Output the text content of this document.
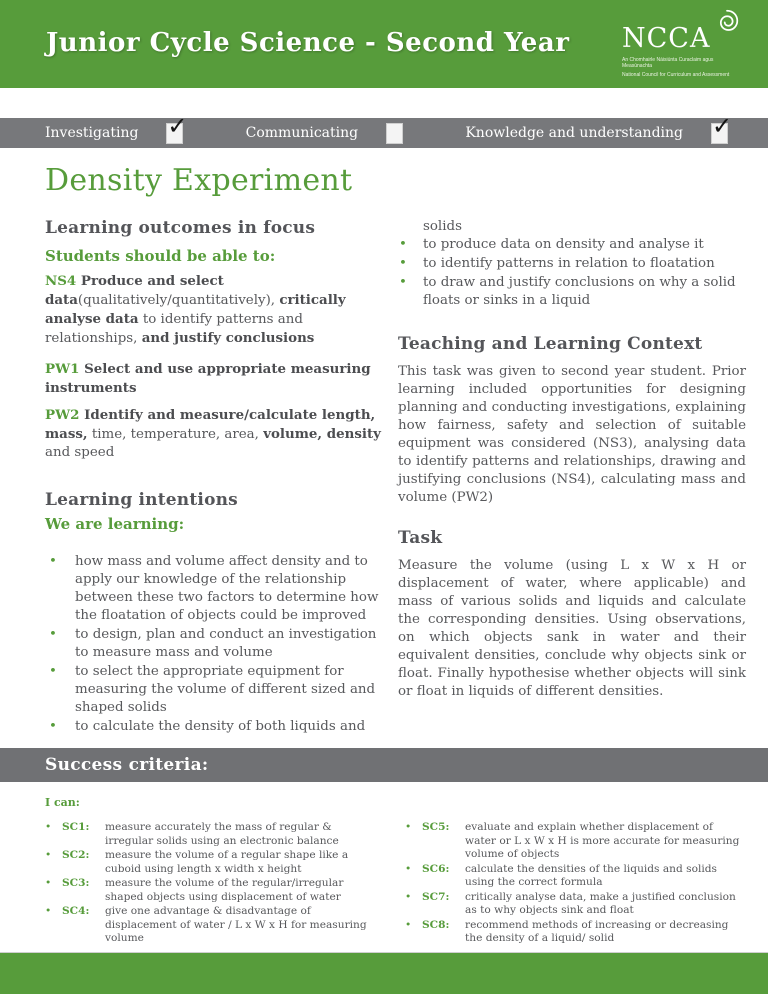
Junior Cycle Science - Second Year NCCA
An Chomhairle Náisiúnta Curaclaim agus Measúnachta
National Council for Curriculum and Assessment
Investigating ✓	Communicating	Knowledge and understanding ✓
Density Experiment
Learning outcomes in focus
Students should be able to:

NS4 Produce and select data(qualitatively/quantitatively), critically analyse data to identify patterns and relationships, and justify conclusions

PW1 Select and use appropriate measuring instruments

PW2 Identify and measure/calculate length, mass, time, temperature, area, volume, density and speed

Learning intentions
We are learning:
• how mass and volume affect density and to apply our knowledge of the relationship between these two factors to determine how the floatation of objects could be improved
• to design, plan and conduct an investigation to measure mass and volume
• to select the appropriate equipment for measuring the volume of different sized and shaped solids
• to calculate the density of both liquids and
solids
• to produce data on density and analyse it
• to identify patterns in relation to floatation
• to draw and justify conclusions on why a solid floats or sinks in a liquid
Teaching and Learning Context

This task was given to second year student. Prior learning included opportunities for designing planning and conducting investigations, explaining how fairness, safety and selection of suitable equipment was considered (NS3), analysing data to identify patterns and relationships, drawing and justifying conclusions (NS4), calculating mass and volume (PW2)

Task

Measure the volume (using L x W x H or displacement of water, where applicable) and mass of various solids and liquids and calculate the corresponding densities. Using observations, on which objects sank in water and their equivalent densities, conclude why objects sink or float. Finally hypothesise whether objects will sink or float in liquids of different densities.

Success criteria:
I can:
•	SC1:	measure accurately the mass of regular & irregular solids using an electronic balance
•	SC2:	measure the volume of a regular shape like a cuboid using length x width x height
•	SC3:	measure the volume of the regular/irregular shaped objects using displacement of water
•	SC4:	give one advantage & disadvantage of displacement of water / L x W x H for measuring volume
•	SC5:	evaluate and explain whether displacement of water or L x W x H is more accurate for measuring volume of objects
•	SC6:	calculate the densities of the liquids and solids using the correct formula
•	SC7:	critically analyse data, make a justified conclusion as to why objects sink and float
•	SC8:	recommend methods of increasing or decreasing the density of a liquid/ solid
